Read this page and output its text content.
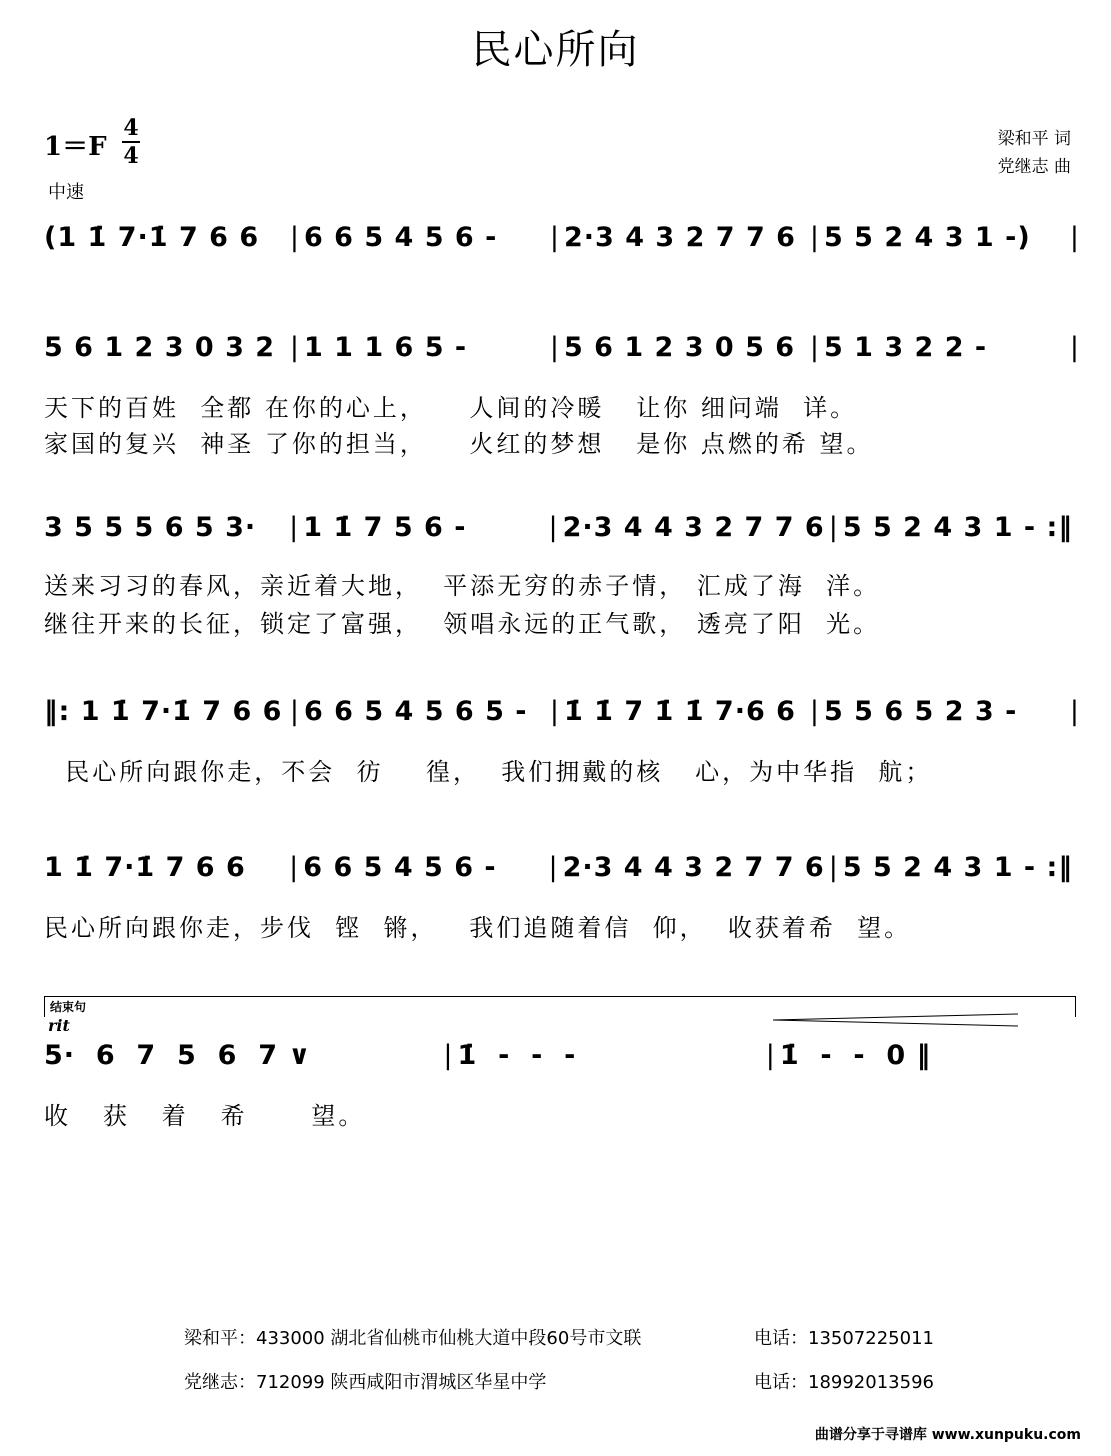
民心所向
1＝F
4
4
中速
梁和平 词
党继志 曲
(1 1̇ 7·1̇ 7 6 6	| 6 6 5 4 5 6 -	| 2·3 4 3 2 7 7 6 | 5 5 2 4 3 1 -)	|
5 6 1 2 3 0 3 2 | 1 1 1 6 5 -	| 5 6 1 2 3 0 5 6 | 5 1 3 2 2 -	|
天下的百姓  全都 在你的心上，    人间的冷暖   让你 细问端  详。
家国的复兴  神圣 了你的担当，    火红的梦想   是你 点燃的希 望。
3 5 5 5 6 5 3·	| 1 1̇ 7 5 6 -	| 2·3 4 4 3 2 7 7 6 | 5 5 2 4 3 1 - :‖
送来习习的春风，亲近着大地，  平添无穷的赤子情， 汇成了海  洋。
继往开来的长征，锁定了富强，  领唱永远的正气歌， 透亮了阳  光。
‖: 1 1̇ 7·1̇ 7 6 6 | 6 6 5 4 5 6 5 - | 1̇ 1̇ 7 1̇ 1̇ 7·6 6 | 5 5 6 5 2 3 -	|
民心所向跟你走，不会  彷    徨，  我们拥戴的核   心，为中华指  航；
1 1̇ 7·1̇ 7 6 6	| 6 6 5 4 5 6 -	| 2·3 4 4 3 2 7 7 6 | 5 5 2 4 3 1 - :‖
民心所向跟你走，步伐  铿  锵，   我们追随着信  仰，  收获着希  望。
结束句
rit
5·  6  7  5  6  7 ∨	| 1̇  -  -  -	| 1̇  -  -  0 ‖
收   获   着   希      望。
梁和平：433000 湖北省仙桃市仙桃大道中段60号市文联	电话：13507225011
党继志：712099 陕西咸阳市渭城区华星中学	电话：18992013596
曲谱分享于寻谱库 www.xunpuku.com
